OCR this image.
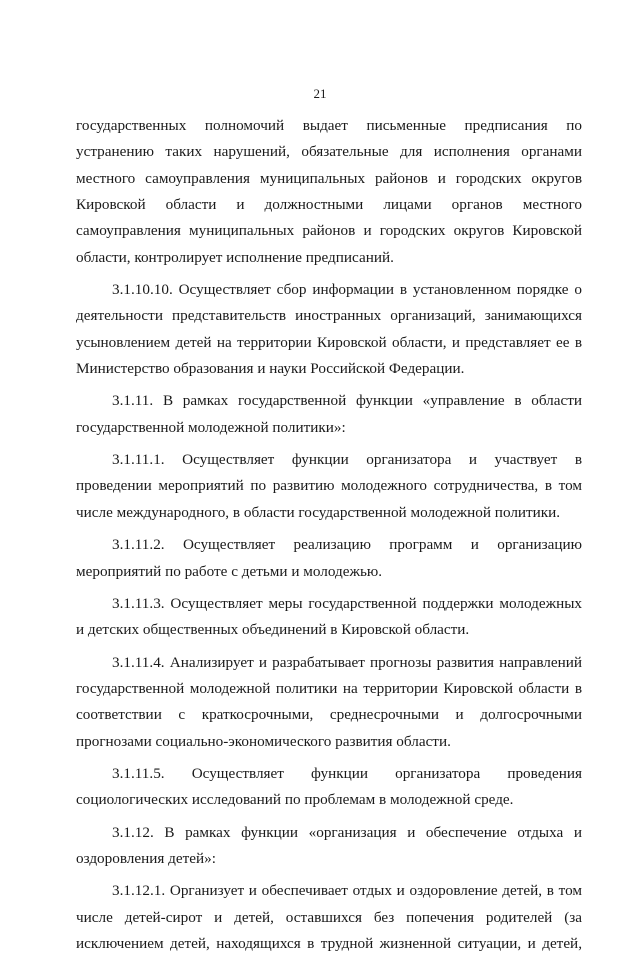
21
государственных полномочий выдает письменные предписания по
устранению таких нарушений, обязательные для исполнения органами
местного самоуправления муниципальных районов и городских округов
Кировской области и должностными лицами органов местного
самоуправления муниципальных районов и городских округов Кировской
области, контролирует исполнение предписаний.
3.1.10.10. Осуществляет сбор информации в установленном порядке о
деятельности представительств иностранных организаций, занимающихся
усыновлением детей на территории Кировской области, и представляет ее в
Министерство образования и науки Российской Федерации.
3.1.11. В рамках государственной функции «управление в области
государственной молодежной политики»:
3.1.11.1. Осуществляет функции организатора и участвует в
проведении мероприятий по развитию молодежного сотрудничества, в том
числе международного, в области государственной молодежной политики.
3.1.11.2. Осуществляет реализацию программ и организацию
мероприятий по работе с детьми и молодежью.
3.1.11.3. Осуществляет меры государственной поддержки молодежных
и детских общественных объединений в Кировской области.
3.1.11.4. Анализирует и разрабатывает прогнозы развития направлений
государственной молодежной политики на территории Кировской области в
соответствии с краткосрочными, среднесрочными и долгосрочными
прогнозами социально-экономического развития области.
3.1.11.5. Осуществляет функции организатора проведения
социологических исследований по проблемам в молодежной среде.
3.1.12. В рамках функции «организация и обеспечение отдыха и
оздоровления детей»:
3.1.12.1. Организует и обеспечивает отдых и оздоровление детей, в том
числе детей-сирот и детей, оставшихся без попечения родителей (за
исключением детей, находящихся в трудной жизненной ситуации, и детей,
